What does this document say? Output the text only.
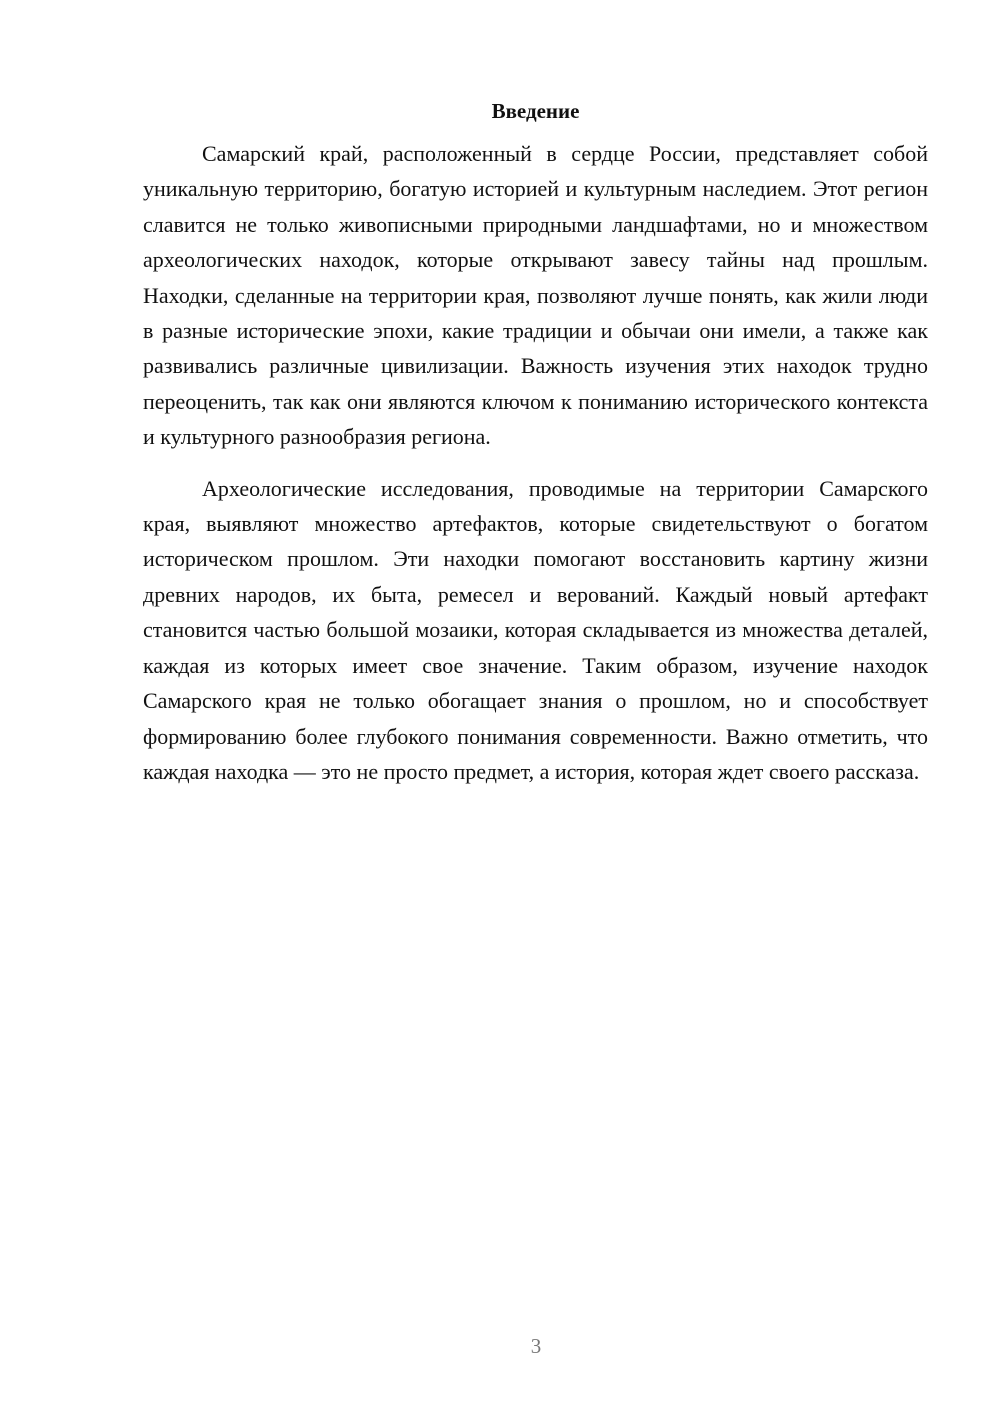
Введение

Самарский край, расположенный в сердце России, представляет собой уникальную территорию, богатую историей и культурным наследием. Этот регион славится не только живописными природными ландшафтами, но и множеством археологических находок, которые открывают завесу тайны над прошлым. Находки, сделанные на территории края, позволяют лучше понять, как жили люди в разные исторические эпохи, какие традиции и обычаи они имели, а также как развивались различные цивилизации. Важность изучения этих находок трудно переоценить, так как они являются ключом к пониманию исторического контекста и культурного разнообразия региона.

Археологические исследования, проводимые на территории Самарского края, выявляют множество артефактов, которые свидетельствуют о богатом историческом прошлом. Эти находки помогают восстановить картину жизни древних народов, их быта, ремесел и верований. Каждый новый артефакт становится частью большой мозаики, которая складывается из множества деталей, каждая из которых имеет свое значение. Таким образом, изучение находок Самарского края не только обогащает знания о прошлом, но и способствует формированию более глубокого понимания современности. Важно отметить, что каждая находка — это не просто предмет, а история, которая ждет своего рассказа.

3
